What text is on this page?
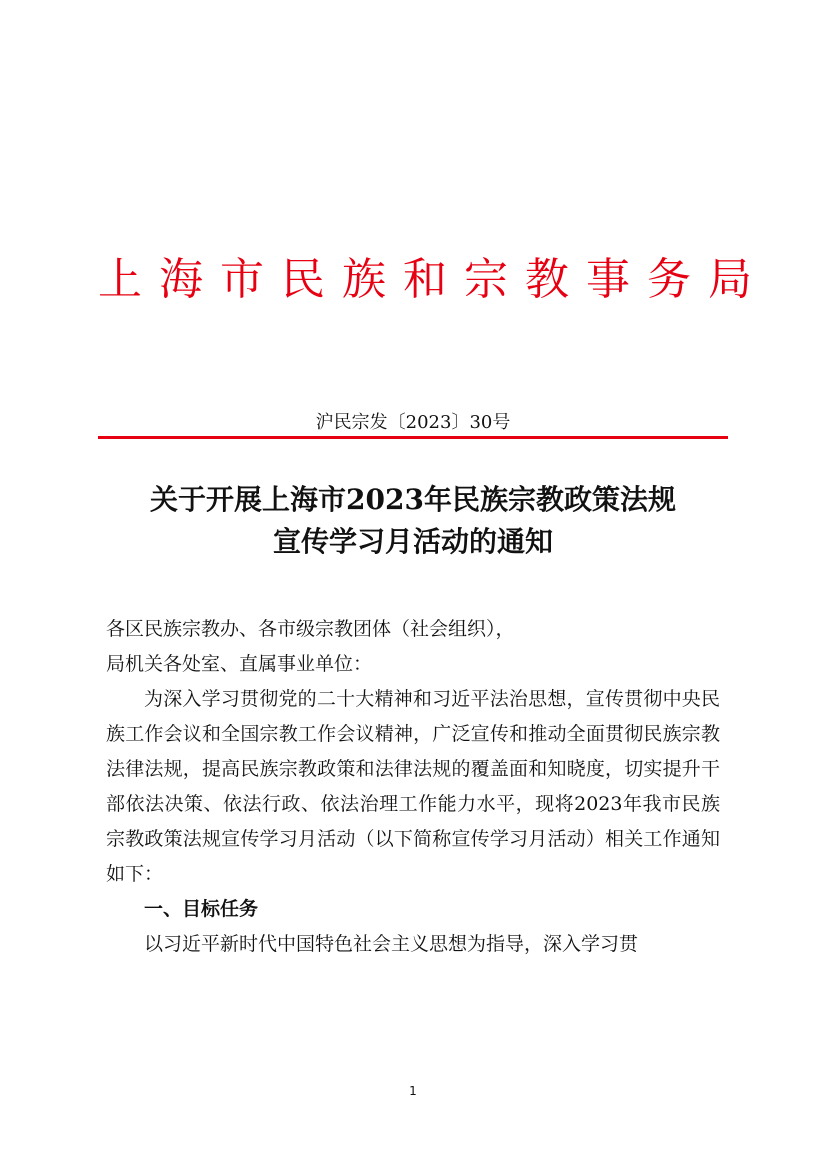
上海市民族和宗教事务局
沪民宗发〔2023〕30号
关于开展上海市2023年民族宗教政策法规
宣传学习月活动的通知
各区民族宗教办、各市级宗教团体（社会组织），
局机关各处室、直属事业单位：
为深入学习贯彻党的二十大精神和习近平法治思想，宣传贯彻中央民族工作会议和全国宗教工作会议精神，广泛宣传和推动全面贯彻民族宗教法律法规，提高民族宗教政策和法律法规的覆盖面和知晓度，切实提升干部依法决策、依法行政、依法治理工作能力水平，现将2023年我市民族宗教政策法规宣传学习月活动（以下简称宣传学习月活动）相关工作通知如下：
一、目标任务
以习近平新时代中国特色社会主义思想为指导，深入学习贯
1
